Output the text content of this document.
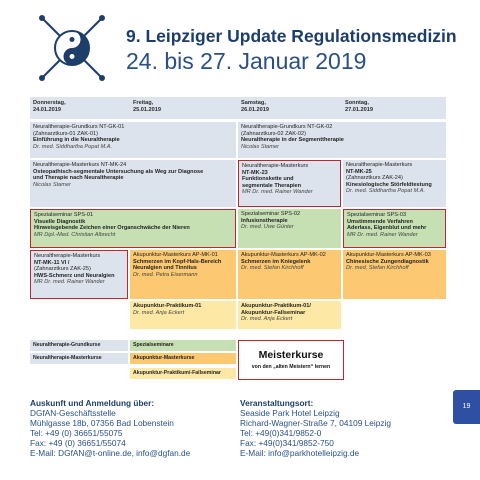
9. Leipziger Update Regulationsmedizin
24. bis 27. Januar 2019
Donnerstag,
24.01.2019
Freitag,
25.01.2019
Samstag,
26.01.2019
Sonntag,
27.01.2019
Neuraltherapie-Grundkurs NT-GK-01
(Zahnarztkurs-01 ZAK-01)
Einführung in die Neuraltherapie
Dr. med. Siddhartha Popat M.A.
Neuraltherapie-Grundkurs NT-GK-02
(Zahnarztkurs-02 ZAK-02)
Neuraltherapie in der Segmenttherapie
Nicolas Stamer
Neuraltherapie-Masterkurs NT-MK-24
Osteopathisch-segmentale Untersuchung als Weg zur Diagnose
und Therapie nach Neuraltherapie
Nicolas Stamer
Neuraltherapie-Masterkurs
NT-MK-23
Funktionskette und
segmentale Therapien
MR Dr. med. Rainer Wander
Neuraltherapie-Masterkurs
NT-MK-25
(Zahnarztkurs ZAK-24)
Kinesiologische Störfeldtestung
Dr. med. Siddhartha Popat M.A.
Spezialseminar SPS-01
Visuelle Diagnostik
Hinweisgebende Zeichen einer Organschwäche der Nieren
MR Dipl.-Med. Christian Albrecht
Spezialseminar SPS-02
Infusionstherapie
Dr. med. Uwe Günter
Spezialseminar SPS-03
Umstimmende Verfahren
Aderlass, Eigenblut und mehr
MR Dr. med. Rainer Wander
Neuraltherapie-Masterkurs
NT-MK-11 VI /
(Zahnarztkurs ZAK-25)
HWS-Schmerz und Neuralgien
MR Dr. med. Rainer Wander
Akupunktur-Masterkurs AP-MK-01
Schmerzen im Kopf-Hals-Bereich
Neuralgien und Tinnitus
Dr. med. Petra Eisermann
Akupunktur-Masterkurs AP-MK-02
Schmerzen im Kniegelenk
Dr. med. Stefan Kirchhoff
Akupunktur-Masterkurs AP-MK-03
Chinesische Zungendiagnostik
Dr. med. Stefan Kirchhoff
Akupunktur-Praktikum-01
Dr. med. Anja Eckert
Akupunktur-Praktikum-01/
Akupunktur-Fallseminar
Dr. med. Anja Eckert
Neuraltherapie-Grundkurse	Spezialseminare
Neuraltherapie-Masterkurse	Akupunktur-Masterkurse
Akupunktur-Praktikum/-Fallseminar
Meisterkurse
von den „alten Meistern“ lernen
Auskunft und Anmeldung über:
DGfAN-Geschäftsstelle
Mühlgasse 18b, 07356 Bad Lobenstein
Tel: +49 (0) 36651/55075
Fax: +49 (0) 36651/55074
E-Mail: DGfAN@t-online.de, info@dgfan.de
Veranstaltungsort:
Seaside Park Hotel Leipzig
Richard-Wagner-Straße 7, 04109 Leipzig
Tel: +49(0)341/9852-0
Fax: +49(0)341/9852-750
E-Mail: info@parkhotelleipzig.de
19
